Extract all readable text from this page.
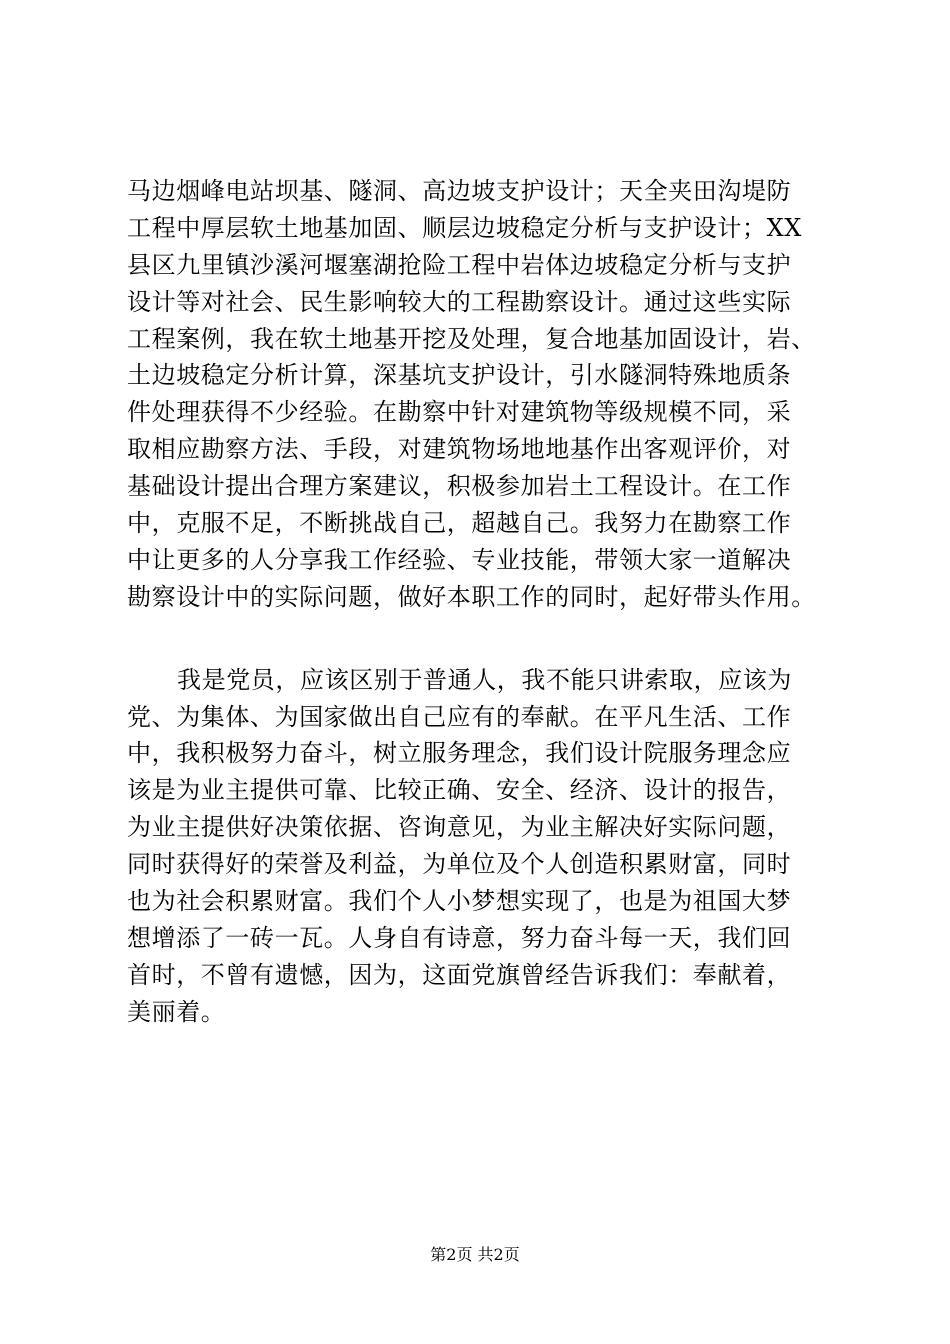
马边烟峰电站坝基、隧洞、高边坡支护设计；天全夹田沟堤防
工程中厚层软土地基加固、顺层边坡稳定分析与支护设计；XX
县区九里镇沙溪河堰塞湖抢险工程中岩体边坡稳定分析与支护
设计等对社会、民生影响较大的工程勘察设计。通过这些实际
工程案例，我在软土地基开挖及处理，复合地基加固设计，岩、
土边坡稳定分析计算，深基坑支护设计，引水隧洞特殊地质条
件处理获得不少经验。在勘察中针对建筑物等级规模不同，采
取相应勘察方法、手段，对建筑物场地地基作出客观评价，对
基础设计提出合理方案建议，积极参加岩土工程设计。在工作
中，克服不足，不断挑战自己，超越自己。我努力在勘察工作
中让更多的人分享我工作经验、专业技能，带领大家一道解决
勘察设计中的实际问题，做好本职工作的同时，起好带头作用。
我是党员，应该区别于普通人，我不能只讲索取，应该为
党、为集体、为国家做出自己应有的奉献。在平凡生活、工作
中，我积极努力奋斗，树立服务理念，我们设计院服务理念应
该是为业主提供可靠、比较正确、安全、经济、设计的报告，
为业主提供好决策依据、咨询意见，为业主解决好实际问题，
同时获得好的荣誉及利益，为单位及个人创造积累财富，同时
也为社会积累财富。我们个人小梦想实现了，也是为祖国大梦
想增添了一砖一瓦。人身自有诗意，努力奋斗每一天，我们回
首时，不曾有遗憾，因为，这面党旗曾经告诉我们：奉献着，
美丽着。
第2页 共2页
